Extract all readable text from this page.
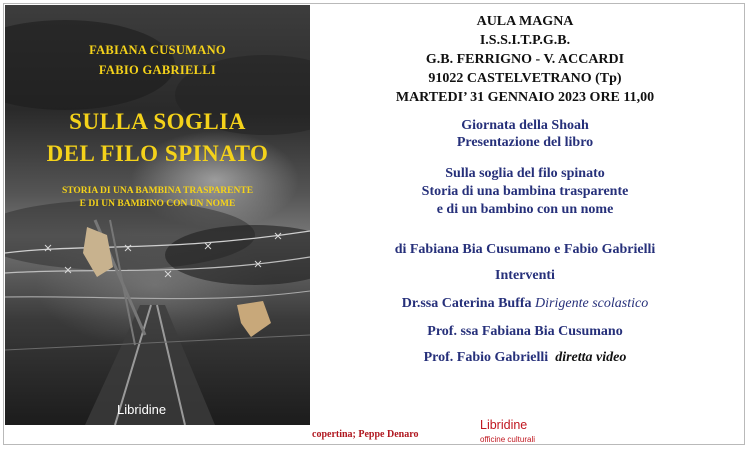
FABIANA CUSUMANO
FABIO GABRIELLI
SULLA SOGLIA
DEL FILO SPINATO
STORIA DI UNA BAMBINA TRASPARENTE
E DI UN BAMBINO CON UN NOME
Libridine
copertina; Peppe Denaro
Libridine
officine culturali
AULA MAGNA
I.S.S.I.T.P.G.B.
G.B. FERRIGNO - V. ACCARDI
91022 CASTELVETRANO (Tp)
MARTEDI’ 31 GENNAIO 2023 ORE 11,00
Giornata della Shoah
Presentazione del libro
Sulla soglia del filo spinato
Storia di una bambina trasparente
e di un bambino con un nome
di Fabiana Bia Cusumano e Fabio Gabrielli
Interventi
Dr.ssa Caterina Buffa Dirigente scolastico
Prof. ssa Fabiana Bia Cusumano
Prof. Fabio Gabrielli diretta video
